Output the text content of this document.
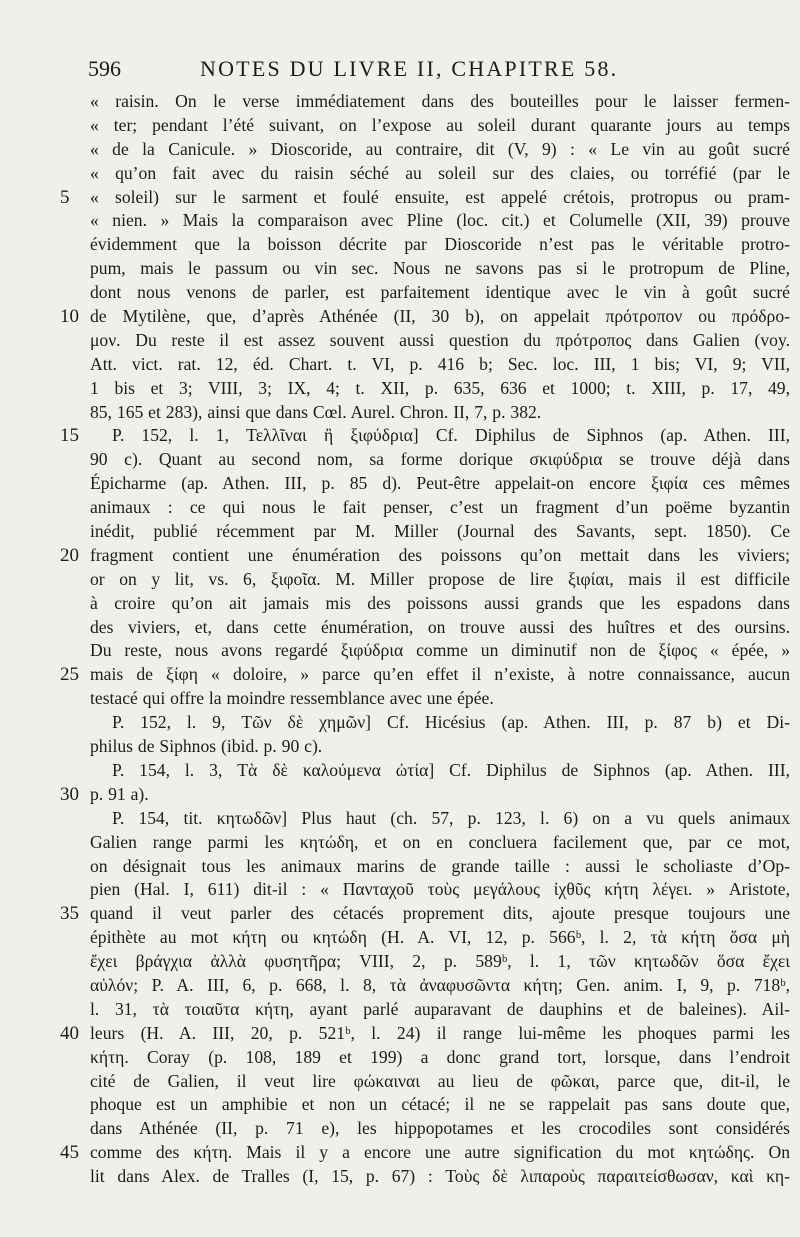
596	NOTES DU LIVRE II, CHAPITRE 58.
« raisin. On le verse immédiatement dans des bouteilles pour le laisser fermen-
« ter; pendant l’été suivant, on l’expose au soleil durant quarante jours au temps
« de la Canicule. » Dioscoride, au contraire, dit (V, 9) : « Le vin au goût sucré
« qu’on fait avec du raisin séché au soleil sur des claies, ou torréfié (par le
5	« soleil) sur le sarment et foulé ensuite, est appelé crétois, protropus ou pram-
« nien. » Mais la comparaison avec Pline (loc. cit.) et Columelle (XII, 39) prouve
évidemment que la boisson décrite par Dioscoride n’est pas le véritable protro-
pum, mais le passum ou vin sec. Nous ne savons pas si le protropum de Pline,
dont nous venons de parler, est parfaitement identique avec le vin à goût sucré
10 de Mytilène, que, d’après Athénée (II, 30 b), on appelait πρότροπον ou πρόδρο-
μον. Du reste il est assez souvent aussi question du πρότροπος dans Galien (voy.
Att. vict. rat. 12, éd. Chart. t. VI, p. 416 b; Sec. loc. III, 1 bis; VI, 9; VII,
1 bis et 3; VIII, 3; IX, 4; t. XII, p. 635, 636 et 1000; t. XIII, p. 17, 49,
85, 165 et 283), ainsi que dans Cœl. Aurel. Chron. II, 7, p. 382.
15	P. 152, l. 1, Τελλῖναι ἢ ξιφύδρια] Cf. Diphilus de Siphnos (ap. Athen. III,
90 c). Quant au second nom, sa forme dorique σκιφύδρια se trouve déjà dans
Épicharme (ap. Athen. III, p. 85 d). Peut-être appelait-on encore ξιφία ces mêmes
animaux : ce qui nous le fait penser, c’est un fragment d’un poëme byzantin
inédit, publié récemment par M. Miller (Journal des Savants, sept. 1850). Ce
20 fragment contient une énumération des poissons qu’on mettait dans les viviers;
or on y lit, vs. 6, ξιφοῖα. M. Miller propose de lire ξιφίαι, mais il est difficile
à croire qu’on ait jamais mis des poissons aussi grands que les espadons dans
des viviers, et, dans cette énumération, on trouve aussi des huîtres et des oursins.
Du reste, nous avons regardé ξιφύδρια comme un diminutif non de ξίφος « épée, »
25 mais de ξίφη « doloire, » parce qu’en effet il n’existe, à notre connaissance, aucun
testacé qui offre la moindre ressemblance avec une épée.
P. 152, l. 9, Τῶν δὲ χημῶν] Cf. Hicésius (ap. Athen. III, p. 87 b) et Di-
philus de Siphnos (ibid. p. 90 c).
P. 154, l. 3, Τὰ δὲ καλούμενα ὠτία] Cf. Diphilus de Siphnos (ap. Athen. III,
30 p. 91 a).
P. 154, tit. κητωδῶν] Plus haut (ch. 57, p. 123, l. 6) on a vu quels animaux
Galien range parmi les κητώδη, et on en concluera facilement que, par ce mot,
on désignait tous les animaux marins de grande taille : aussi le scholiaste d’Op-
pien (Hal. I, 611) dit-il : « Πανταχοῦ τοὺς μεγάλους ἰχθῦς κήτη λέγει. » Aristote,
35 quand il veut parler des cétacés proprement dits, ajoute presque toujours une
épithète au mot κήτη ou κητώδη (H. A. VI, 12, p. 566ᵇ, l. 2, τὰ κήτη ὅσα μὴ
ἔχει βράγχια ἀλλὰ φυσητῆρα; VIII, 2, p. 589ᵇ, l. 1, τῶν κητωδῶν ὅσα ἔχει
αὐλόν; P. A. III, 6, p. 668, l. 8, τὰ ἀναφυσῶντα κήτη; Gen. anim. I, 9, p. 718ᵇ,
l. 31, τὰ τοιαῦτα κήτη, ayant parlé auparavant de dauphins et de baleines). Ail-
40 leurs (H. A. III, 20, p. 521ᵇ, l. 24) il range lui-même les phoques parmi les
κήτη. Coray (p. 108, 189 et 199) a donc grand tort, lorsque, dans l’endroit
cité de Galien, il veut lire φώκαιναι au lieu de φῶκαι, parce que, dit-il, le
phoque est un amphibie et non un cétacé; il ne se rappelait pas sans doute que,
dans Athénée (II, p. 71 e), les hippopotames et les crocodiles sont considérés
45 comme des κήτη. Mais il y a encore une autre signification du mot κητώδης. On
lit dans Alex. de Tralles (I, 15, p. 67) : Τοὺς δὲ λιπαροὺς παραιτείσθωσαν, καὶ κη-
